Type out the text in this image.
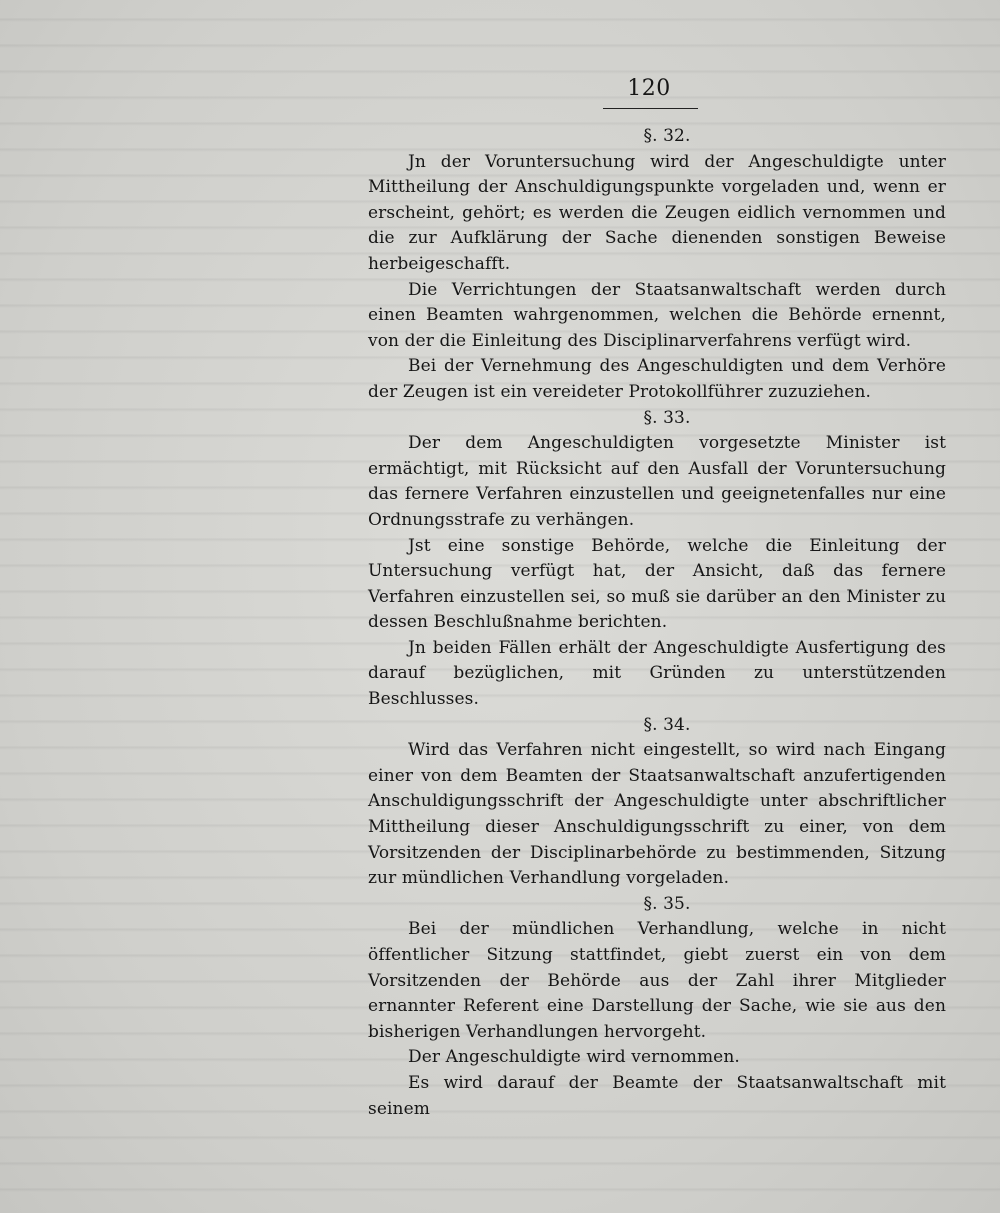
120
§. 32.

Jn der Voruntersuchung wird der Angeschuldigte unter Mittheilung der Anschuldigungspunkte vorgeladen und, wenn er erscheint, gehört; es werden die Zeugen eidlich vernommen und die zur Aufklärung der Sache dienenden sonstigen Beweise herbeigeschafft.

Die Verrichtungen der Staatsanwaltschaft werden durch einen Beamten wahrgenommen, welchen die Behörde ernennt, von der die Einleitung des Disciplinarverfahrens verfügt wird.

Bei der Vernehmung des Angeschuldigten und dem Verhöre der Zeugen ist ein vereideter Protokollführer zuzuziehen.

§. 33.

Der dem Angeschuldigten vorgesetzte Minister ist ermächtigt, mit Rücksicht auf den Ausfall der Voruntersuchung das fernere Verfahren einzustellen und geeignetenfalles nur eine Ordnungsstrafe zu verhängen.

Jst eine sonstige Behörde, welche die Einleitung der Untersuchung verfügt hat, der Ansicht, daß das fernere Verfahren einzustellen sei, so muß sie darüber an den Minister zu dessen Beschlußnahme berichten.

Jn beiden Fällen erhält der Angeschuldigte Ausfertigung des darauf bezüglichen, mit Gründen zu unterstützenden Beschlusses.

§. 34.

Wird das Verfahren nicht eingestellt, so wird nach Eingang einer von dem Beamten der Staatsanwaltschaft anzufertigenden Anschuldigungsschrift der Angeschuldigte unter abschriftlicher Mittheilung dieser Anschuldigungsschrift zu einer, von dem Vorsitzenden der Disciplinarbehörde zu bestimmenden, Sitzung zur mündlichen Verhandlung vorgeladen.

§. 35.

Bei der mündlichen Verhandlung, welche in nicht öffentlicher Sitzung stattfindet, giebt zuerst ein von dem Vorsitzenden der Behörde aus der Zahl ihrer Mitglieder ernannter Referent eine Darstellung der Sache, wie sie aus den bisherigen Verhandlungen hervorgeht.

Der Angeschuldigte wird vernommen.

Es wird darauf der Beamte der Staatsanwaltschaft mit seinem
